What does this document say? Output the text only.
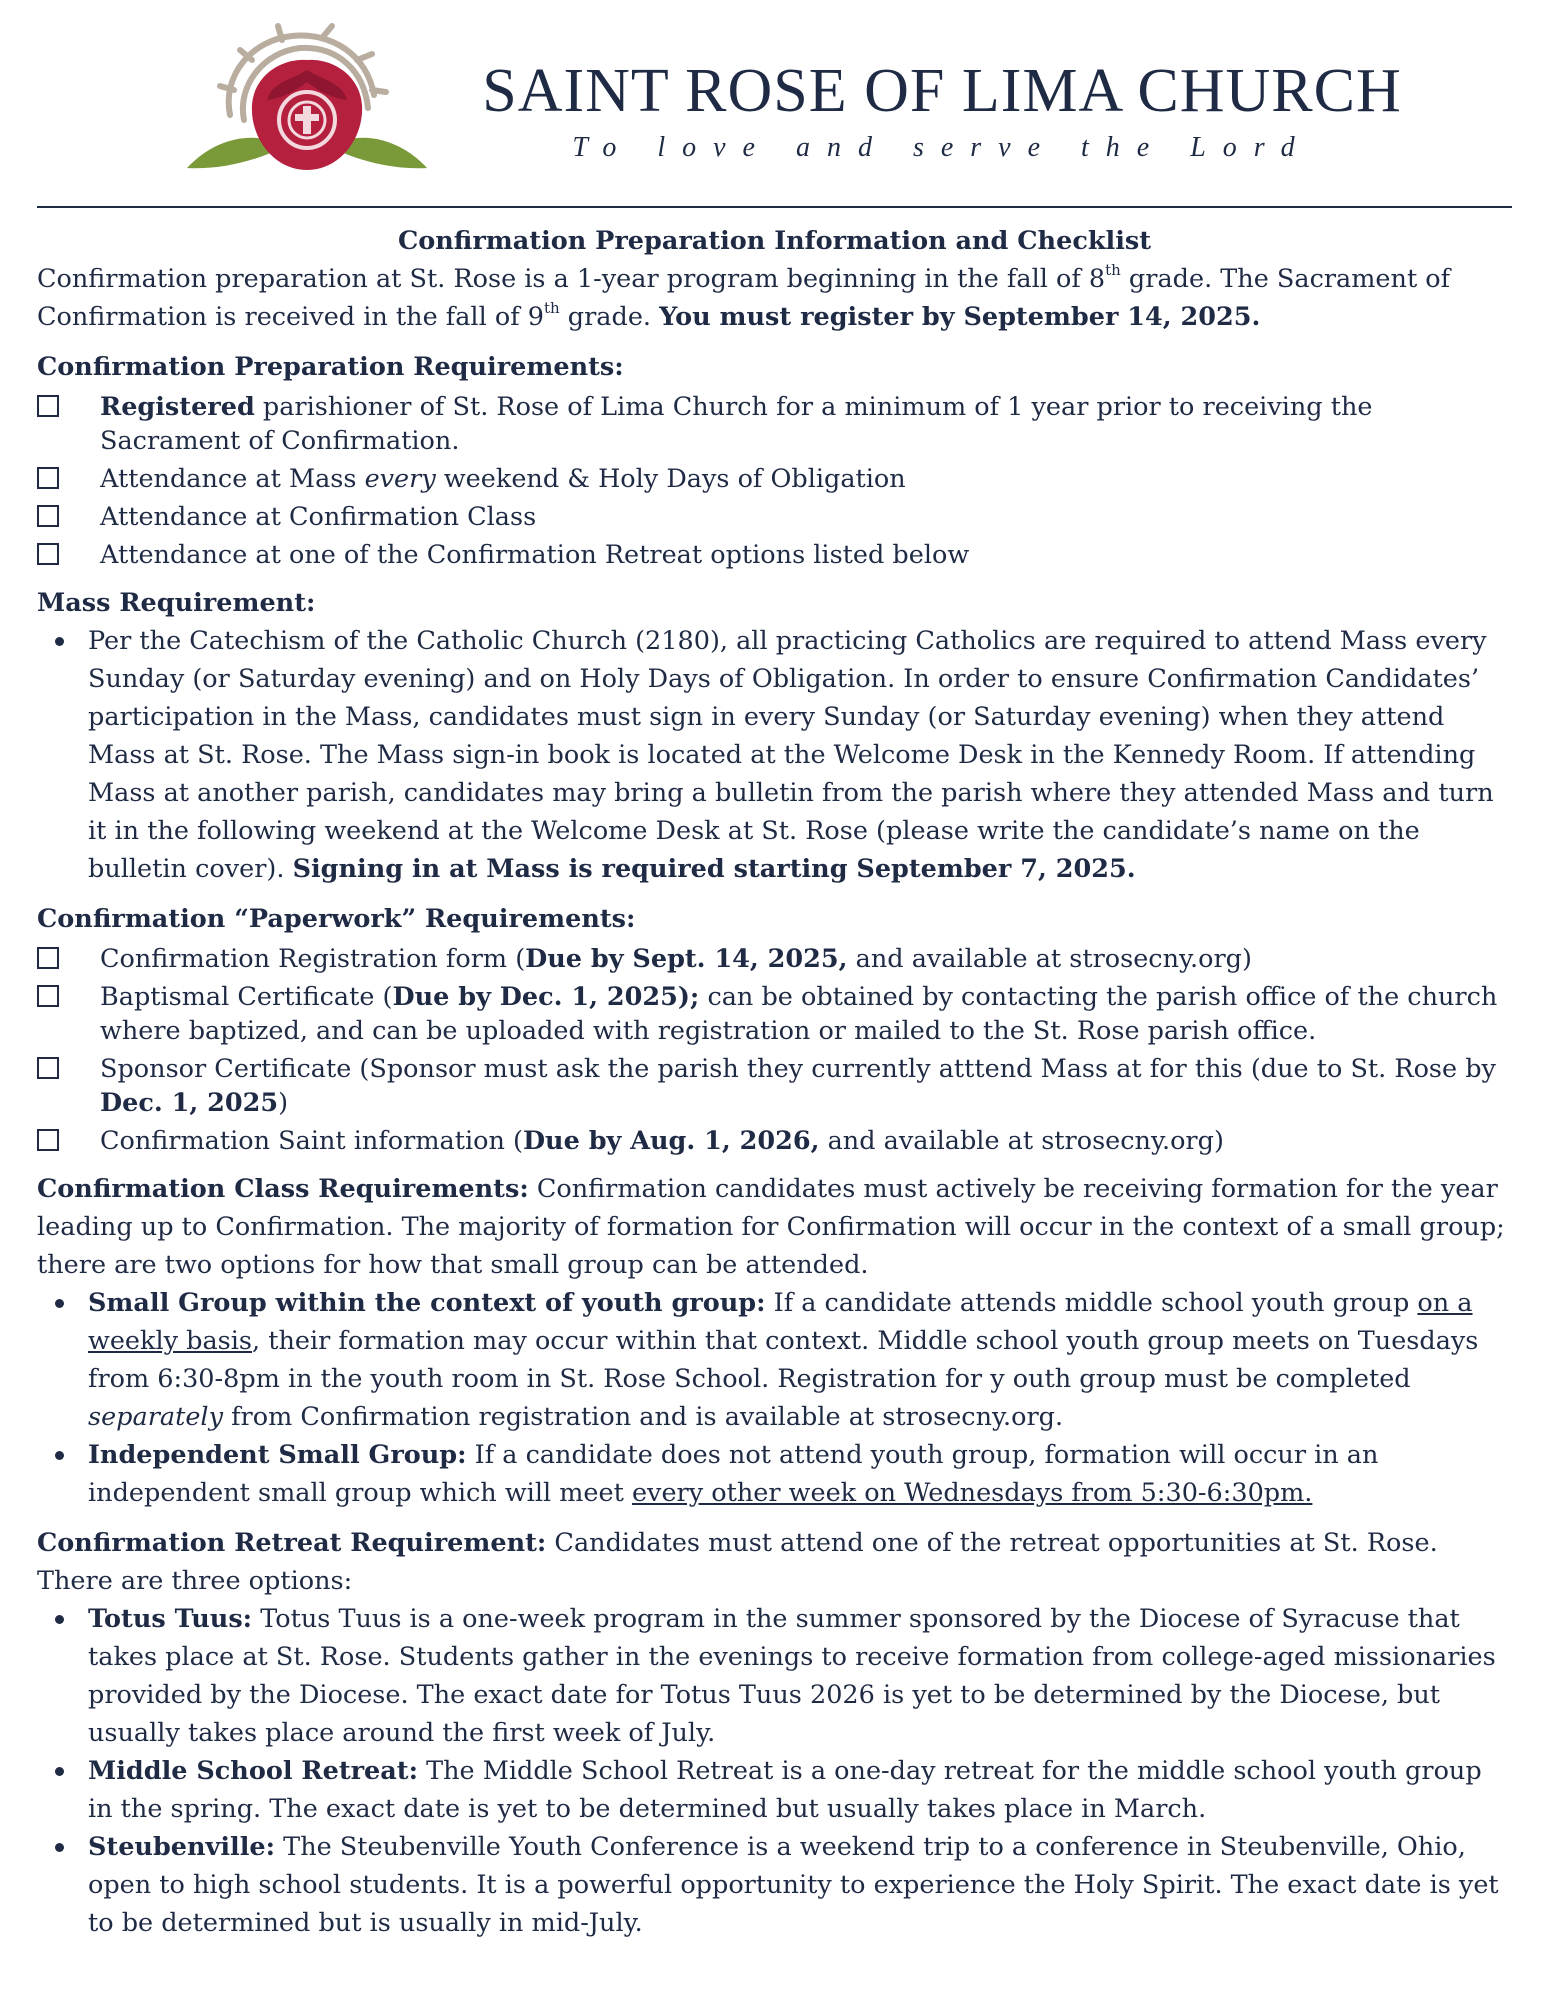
SAINT ROSE OF LIMA CHURCH
To love and serve the Lord

Confirmation Preparation Information and Checklist

Confirmation preparation at St. Rose is a 1-year program beginning in the fall of 8th grade. The Sacrament of Confirmation is received in the fall of 9th grade. You must register by September 14, 2025.

Confirmation Preparation Requirements:

Registered parishioner of St. Rose of Lima Church for a minimum of 1 year prior to receiving the Sacrament of Confirmation.
Attendance at Mass every weekend & Holy Days of Obligation
Attendance at Confirmation Class
Attendance at one of the Confirmation Retreat options listed below

Mass Requirement:

Per the Catechism of the Catholic Church (2180), all practicing Catholics are required to attend Mass every Sunday (or Saturday evening) and on Holy Days of Obligation. In order to ensure Confirmation Candidates’ participation in the Mass, candidates must sign in every Sunday (or Saturday evening) when they attend Mass at St. Rose. The Mass sign-in book is located at the Welcome Desk in the Kennedy Room. If attending Mass at another parish, candidates may bring a bulletin from the parish where they attended Mass and turn it in the following weekend at the Welcome Desk at St. Rose (please write the candidate’s name on the bulletin cover). Signing in at Mass is required starting September 7, 2025.

Confirmation “Paperwork” Requirements:

Confirmation Registration form (Due by Sept. 14, 2025, and available at strosecny.org)
Baptismal Certificate (Due by Dec. 1, 2025); can be obtained by contacting the parish office of the church where baptized, and can be uploaded with registration or mailed to the St. Rose parish office.
Sponsor Certificate (Sponsor must ask the parish they currently atttend Mass at for this (due to St. Rose by Dec. 1, 2025)
Confirmation Saint information (Due by Aug. 1, 2026, and available at strosecny.org)

Confirmation Class Requirements: Confirmation candidates must actively be receiving formation for the year leading up to Confirmation. The majority of formation for Confirmation will occur in the context of a small group; there are two options for how that small group can be attended.

Small Group within the context of youth group: If a candidate attends middle school youth group on a weekly basis, their formation may occur within that context. Middle school youth group meets on Tuesdays from 6:30-8pm in the youth room in St. Rose School. Registration for y outh group must be completed separately from Confirmation registration and is available at strosecny.org.
Independent Small Group: If a candidate does not attend youth group, formation will occur in an independent small group which will meet every other week on Wednesdays from 5:30-6:30pm.

Confirmation Retreat Requirement: Candidates must attend one of the retreat opportunities at St. Rose. There are three options:

Totus Tuus: Totus Tuus is a one-week program in the summer sponsored by the Diocese of Syracuse that takes place at St. Rose. Students gather in the evenings to receive formation from college-aged missionaries provided by the Diocese. The exact date for Totus Tuus 2026 is yet to be determined by the Diocese, but usually takes place around the first week of July.
Middle School Retreat: The Middle School Retreat is a one-day retreat for the middle school youth group in the spring. The exact date is yet to be determined but usually takes place in March.
Steubenville: The Steubenville Youth Conference is a weekend trip to a conference in Steubenville, Ohio, open to high school students. It is a powerful opportunity to experience the Holy Spirit. The exact date is yet to be determined but is usually in mid-July.
